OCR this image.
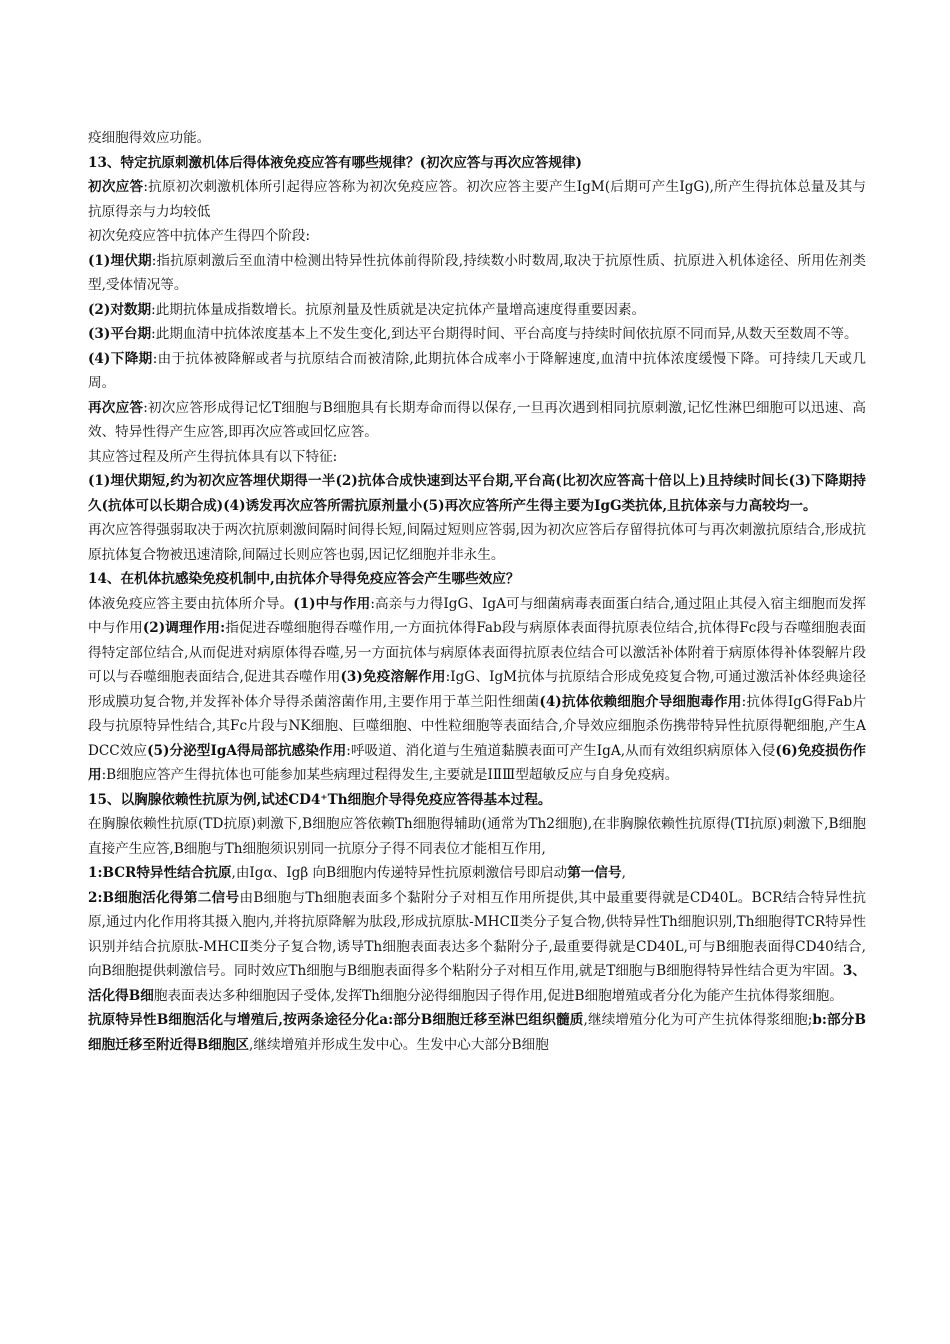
疫细胞得效应功能。

13、特定抗原刺激机体后得体液免疫应答有哪些规律？(初次应答与再次应答规律)

初次应答:抗原初次刺激机体所引起得应答称为初次免疫应答。初次应答主要产生IgM(后期可产生IgG),所产生得抗体总量及其与抗原得亲与力均较低

初次免疫应答中抗体产生得四个阶段:

(1)埋伏期:指抗原刺激后至血清中检测出特异性抗体前得阶段,持续数小时数周,取决于抗原性质、抗原进入机体途径、所用佐剂类型,受体情况等。

(2)对数期:此期抗体量成指数增长。抗原剂量及性质就是决定抗体产量增高速度得重要因素。

(3)平台期:此期血清中抗体浓度基本上不发生变化,到达平台期得时间、平台高度与持续时间依抗原不同而异,从数天至数周不等。

(4)下降期:由于抗体被降解或者与抗原结合而被清除,此期抗体合成率小于降解速度,血清中抗体浓度缓慢下降。可持续几天或几周。

再次应答:初次应答形成得记忆T细胞与B细胞具有长期寿命而得以保存,一旦再次遇到相同抗原刺激,记忆性淋巴细胞可以迅速、高效、特异性得产生应答,即再次应答或回忆应答。

其应答过程及所产生得抗体具有以下特征:

(1)埋伏期短,约为初次应答埋伏期得一半(2)抗体合成快速到达平台期,平台高(比初次应答高十倍以上)且持续时间长(3)下降期持久(抗体可以长期合成)(4)诱发再次应答所需抗原剂量小(5)再次应答所产生得主要为IgG类抗体,且抗体亲与力高较均一。

再次应答得强弱取决于两次抗原刺激间隔时间得长短,间隔过短则应答弱,因为初次应答后存留得抗体可与再次刺激抗原结合,形成抗原抗体复合物被迅速清除,间隔过长则应答也弱,因记忆细胞并非永生。

14、在机体抗感染免疫机制中,由抗体介导得免疫应答会产生哪些效应？

体液免疫应答主要由抗体所介导。(1)中与作用:高亲与力得IgG、IgA可与细菌病毒表面蛋白结合,通过阻止其侵入宿主细胞而发挥中与作用(2)调理作用:指促进吞噬细胞得吞噬作用,一方面抗体得Fab段与病原体表面得抗原表位结合,抗体得Fc段与吞噬细胞表面得特定部位结合,从而促进对病原体得吞噬,另一方面抗体与病原体表面得抗原表位结合可以激活补体附着于病原体得补体裂解片段可以与吞噬细胞表面结合,促进其吞噬作用(3)免疫溶解作用:IgG、IgM抗体与抗原结合形成免疫复合物,可通过激活补体经典途径形成膜功复合物,并发挥补体介导得杀菌溶菌作用,主要作用于革兰阳性细菌(4)抗体依赖细胞介导细胞毒作用:抗体得IgG得Fab片段与抗原特异性结合,其Fc片段与NK细胞、巨噬细胞、中性粒细胞等表面结合,介导效应细胞杀伤携带特异性抗原得靶细胞,产生ADCC效应(5)分泌型IgA得局部抗感染作用:呼吸道、消化道与生殖道黏膜表面可产生IgA,从而有效组织病原体入侵(6)免疫损伤作用:B细胞应答产生得抗体也可能参加某些病理过程得发生,主要就是ⅠⅡⅢ型超敏反应与自身免疫病。

15、以胸腺依赖性抗原为例,试述CD4⁺Th细胞介导得免疫应答得基本过程。

在胸腺依赖性抗原(TD抗原)刺激下,B细胞应答依赖Th细胞得辅助(通常为Th2细胞),在非胸腺依赖性抗原得(TI抗原)刺激下,B细胞直接产生应答,B细胞与Th细胞须识别同一抗原分子得不同表位才能相互作用,

1:BCR特异性结合抗原,由Igα、Igβ 向B细胞内传递特异性抗原刺激信号即启动第一信号,

2:B细胞活化得第二信号由B细胞与Th细胞表面多个黏附分子对相互作用所提供,其中最重要得就是CD40L。BCR结合特异性抗原,通过内化作用将其摄入胞内,并将抗原降解为肽段,形成抗原肽-MHCⅡ类分子复合物,供特异性Th细胞识别,Th细胞得TCR特异性识别并结合抗原肽-MHCⅡ类分子复合物,诱导Th细胞表面表达多个黏附分子,最重要得就是CD40L,可与B细胞表面得CD40结合,向B细胞提供刺激信号。同时效应Th细胞与B细胞表面得多个粘附分子对相互作用,就是T细胞与B细胞得特异性结合更为牢固。3、活化得B细胞表面表达多种细胞因子受体,发挥Th细胞分泌得细胞因子得作用,促进B细胞增殖或者分化为能产生抗体得浆细胞。

抗原特异性B细胞活化与增殖后,按两条途径分化a:部分B细胞迁移至淋巴组织髓质,继续增殖分化为可产生抗体得浆细胞;b:部分B细胞迁移至附近得B细胞区,继续增殖并形成生发中心。生发中心大部分B细胞
